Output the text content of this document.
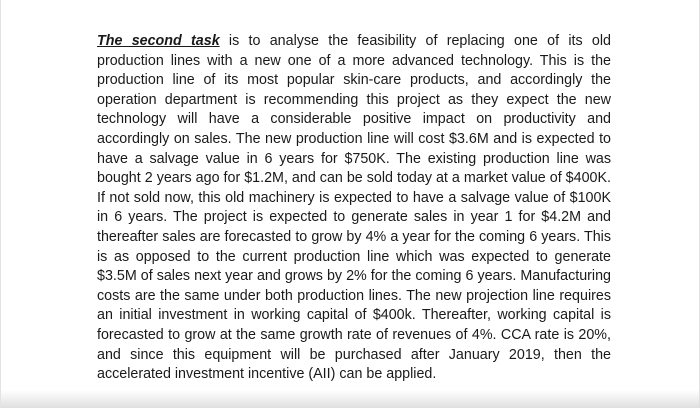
The second task is to analyse the feasibility of replacing one of its old production lines with a new one of a more advanced technology. This is the production line of its most popular skin-care products, and accordingly the operation department is recommending this project as they expect the new technology will have a considerable positive impact on productivity and accordingly on sales. The new production line will cost $3.6M and is expected to have a salvage value in 6 years for $750K. The existing production line was bought 2 years ago for $1.2M, and can be sold today at a market value of $400K. If not sold now, this old machinery is expected to have a salvage value of $100K in 6 years. The project is expected to generate sales in year 1 for $4.2M and thereafter sales are forecasted to grow by 4% a year for the coming 6 years. This is as opposed to the current production line which was expected to generate $3.5M of sales next year and grows by 2% for the coming 6 years. Manufacturing costs are the same under both production lines. The new projection line requires an initial investment in working capital of $400k. Thereafter, working capital is forecasted to grow at the same growth rate of revenues of 4%. CCA rate is 20%, and since this equipment will be purchased after January 2019, then the accelerated investment incentive (AII) can be applied.
